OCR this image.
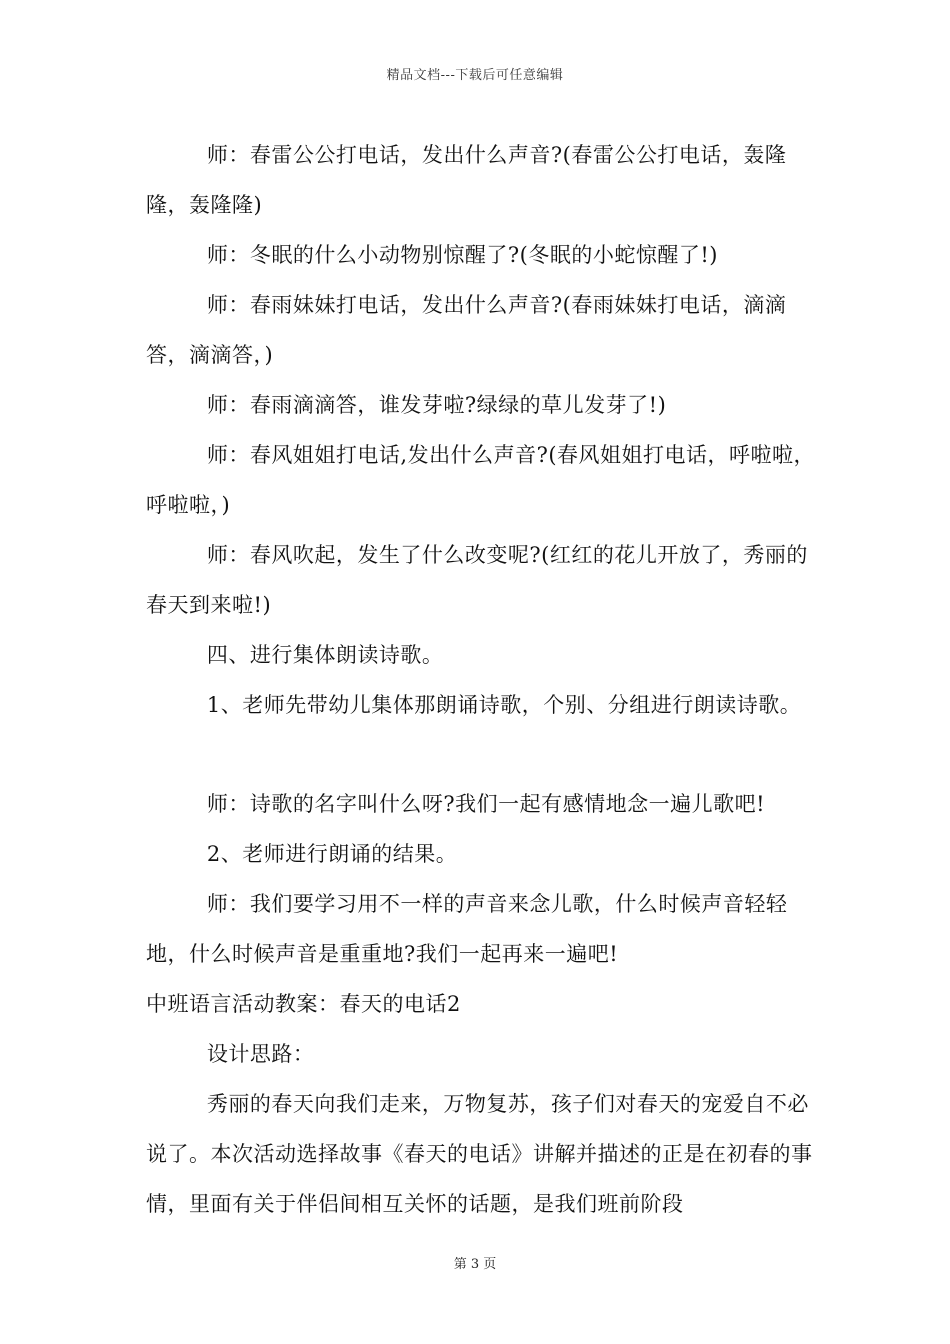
精品文档---下载后可任意编辑

师：春雷公公打电话，发出什么声音?(春雷公公打电话，轰隆隆，轰隆隆)

师：冬眠的什么小动物别惊醒了?(冬眠的小蛇惊醒了!)

师：春雨妹妹打电话，发出什么声音?(春雨妹妹打电话，滴滴答，滴滴答，)

师：春雨滴滴答，谁发芽啦?绿绿的草儿发芽了!)

师：春风姐姐打电话,发出什么声音?(春风姐姐打电话，呼啦啦，呼啦啦，)

师：春风吹起，发生了什么改变呢?(红红的花儿开放了，秀丽的春天到来啦!)

四、进行集体朗读诗歌。

1、老师先带幼儿集体那朗诵诗歌，个别、分组进行朗读诗歌。

师：诗歌的名字叫什么呀?我们一起有感情地念一遍儿歌吧!

2、老师进行朗诵的结果。

师：我们要学习用不一样的声音来念儿歌，什么时候声音轻轻地，什么时候声音是重重地?我们一起再来一遍吧!

中班语言活动教案：春天的电话2

设计思路：

秀丽的春天向我们走来，万物复苏，孩子们对春天的宠爱自不必说了。本次活动选择故事《春天的电话》讲解并描述的正是在初春的事情，里面有关于伴侣间相互关怀的话题，是我们班前阶段

第 3 页
